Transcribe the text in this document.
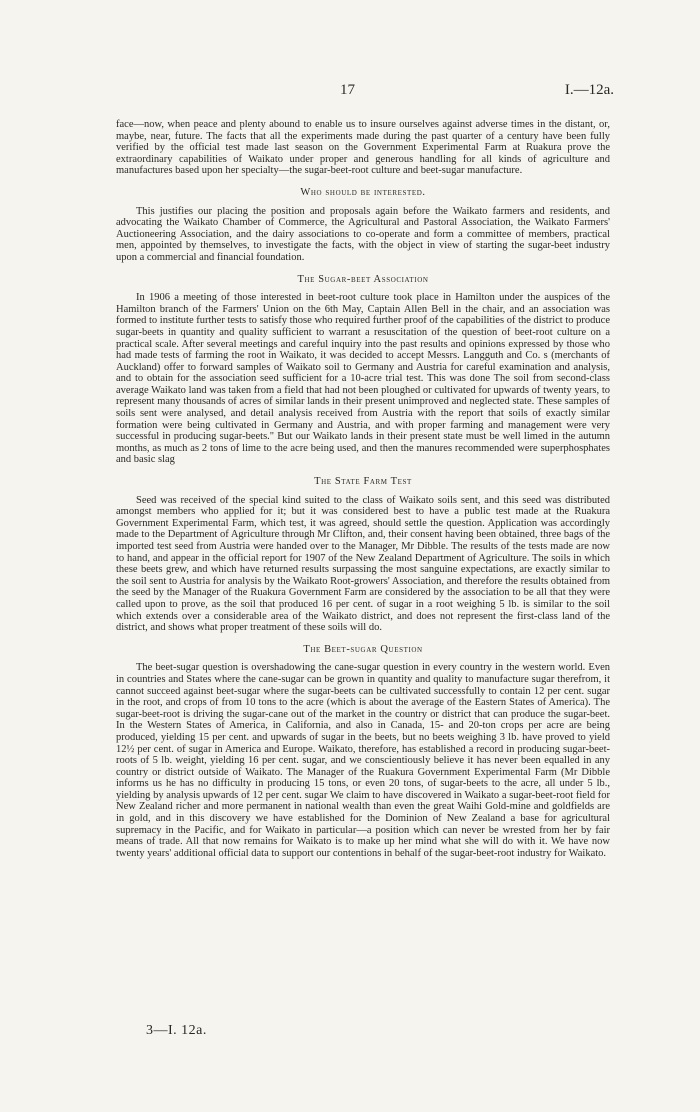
17	I.—12a.

face—now, when peace and plenty abound to enable us to insure ourselves against adverse times in the distant, or, maybe, near, future. The facts that all the experiments made during the past quarter of a century have been fully verified by the official test made last season on the Government Experimental Farm at Ruakura prove the extraordinary capabilities of Waikato under proper and generous handling for all kinds of agriculture and manufactures based upon her specialty—the sugar-beet-root culture and beet-sugar manufacture.

Who should be interested.

This justifies our placing the position and proposals again before the Waikato farmers and residents, and advocating the Waikato Chamber of Commerce, the Agricultural and Pastoral Association, the Waikato Farmers' Auctioneering Association, and the dairy associations to co-operate and form a committee of members, practical men, appointed by themselves, to investigate the facts, with the object in view of starting the sugar-beet industry upon a commercial and financial foundation.

The Sugar-beet Association

In 1906 a meeting of those interested in beet-root culture took place in Hamilton under the auspices of the Hamilton branch of the Farmers' Union on the 6th May, Captain Allen Bell in the chair, and an association was formed to institute further tests to satisfy those who required further proof of the capabilities of the district to produce sugar-beets in quantity and quality sufficient to warrant a resuscitation of the question of beet-root culture on a practical scale. After several meetings and careful inquiry into the past results and opinions expressed by those who had made tests of farming the root in Waikato, it was decided to accept Messrs. Langguth and Co. s (merchants of Auckland) offer to forward samples of Waikato soil to Germany and Austria for careful examination and analysis, and to obtain for the association seed sufficient for a 10-acre trial test. This was done The soil from second-class average Waikato land was taken from a field that had not been ploughed or cultivated for upwards of twenty years, to represent many thousands of acres of similar lands in their present unimproved and neglected state. These samples of soils sent were analysed, and detail analysis received from Austria with the report that soils of exactly similar formation were being cultivated in Germany and Austria, and with proper farming and management were very successful in producing sugar-beets." But our Waikato lands in their present state must be well limed in the autumn months, as much as 2 tons of lime to the acre being used, and then the manures recommended were superphosphates and basic slag

The State Farm Test

Seed was received of the special kind suited to the class of Waikato soils sent, and this seed was distributed amongst members who applied for it; but it was considered best to have a public test made at the Ruakura Government Experimental Farm, which test, it was agreed, should settle the question. Application was accordingly made to the Department of Agriculture through Mr Clifton, and, their consent having been obtained, three bags of the imported test seed from Austria were handed over to the Manager, Mr Dibble. The results of the tests made are now to hand, and appear in the official report for 1907 of the New Zealand Department of Agriculture. The soils in which these beets grew, and which have returned results surpassing the most sanguine expectations, are exactly similar to the soil sent to Austria for analysis by the Waikato Root-growers' Association, and therefore the results obtained from the seed by the Manager of the Ruakura Government Farm are considered by the association to be all that they were called upon to prove, as the soil that produced 16 per cent. of sugar in a root weighing 5 lb. is similar to the soil which extends over a considerable area of the Waikato district, and does not represent the first-class land of the district, and shows what proper treatment of these soils will do.

The Beet-sugar Question

The beet-sugar question is overshadowing the cane-sugar question in every country in the western world. Even in countries and States where the cane-sugar can be grown in quantity and quality to manufacture sugar therefrom, it cannot succeed against beet-sugar where the sugar-beets can be cultivated successfully to contain 12 per cent. sugar in the root, and crops of from 10 tons to the acre (which is about the average of the Eastern States of America). The sugar-beet-root is driving the sugar-cane out of the market in the country or district that can produce the sugar-beet. In the Western States of America, in California, and also in Canada, 15- and 20-ton crops per acre are being produced, yielding 15 per cent. and upwards of sugar in the beets, but no beets weighing 3 lb. have proved to yield 12½ per cent. of sugar in America and Europe. Waikato, therefore, has established a record in producing sugar-beet-roots of 5 lb. weight, yielding 16 per cent. sugar, and we conscientiously believe it has never been equalled in any country or district outside of Waikato. The Manager of the Ruakura Government Experimental Farm (Mr Dibble informs us he has no difficulty in producing 15 tons, or even 20 tons, of sugar-beets to the acre, all under 5 lb., yielding by analysis upwards of 12 per cent. sugar We claim to have discovered in Waikato a sugar-beet-root field for New Zealand richer and more permanent in national wealth than even the great Waihi Gold-mine and goldfields are in gold, and in this discovery we have established for the Dominion of New Zealand a base for agricultural supremacy in the Pacific, and for Waikato in particular—a position which can never be wrested from her by fair means of trade. All that now remains for Waikato is to make up her mind what she will do with it. We have now twenty years' additional official data to support our contentions in behalf of the sugar-beet-root industry for Waikato.

3—I. 12a.
